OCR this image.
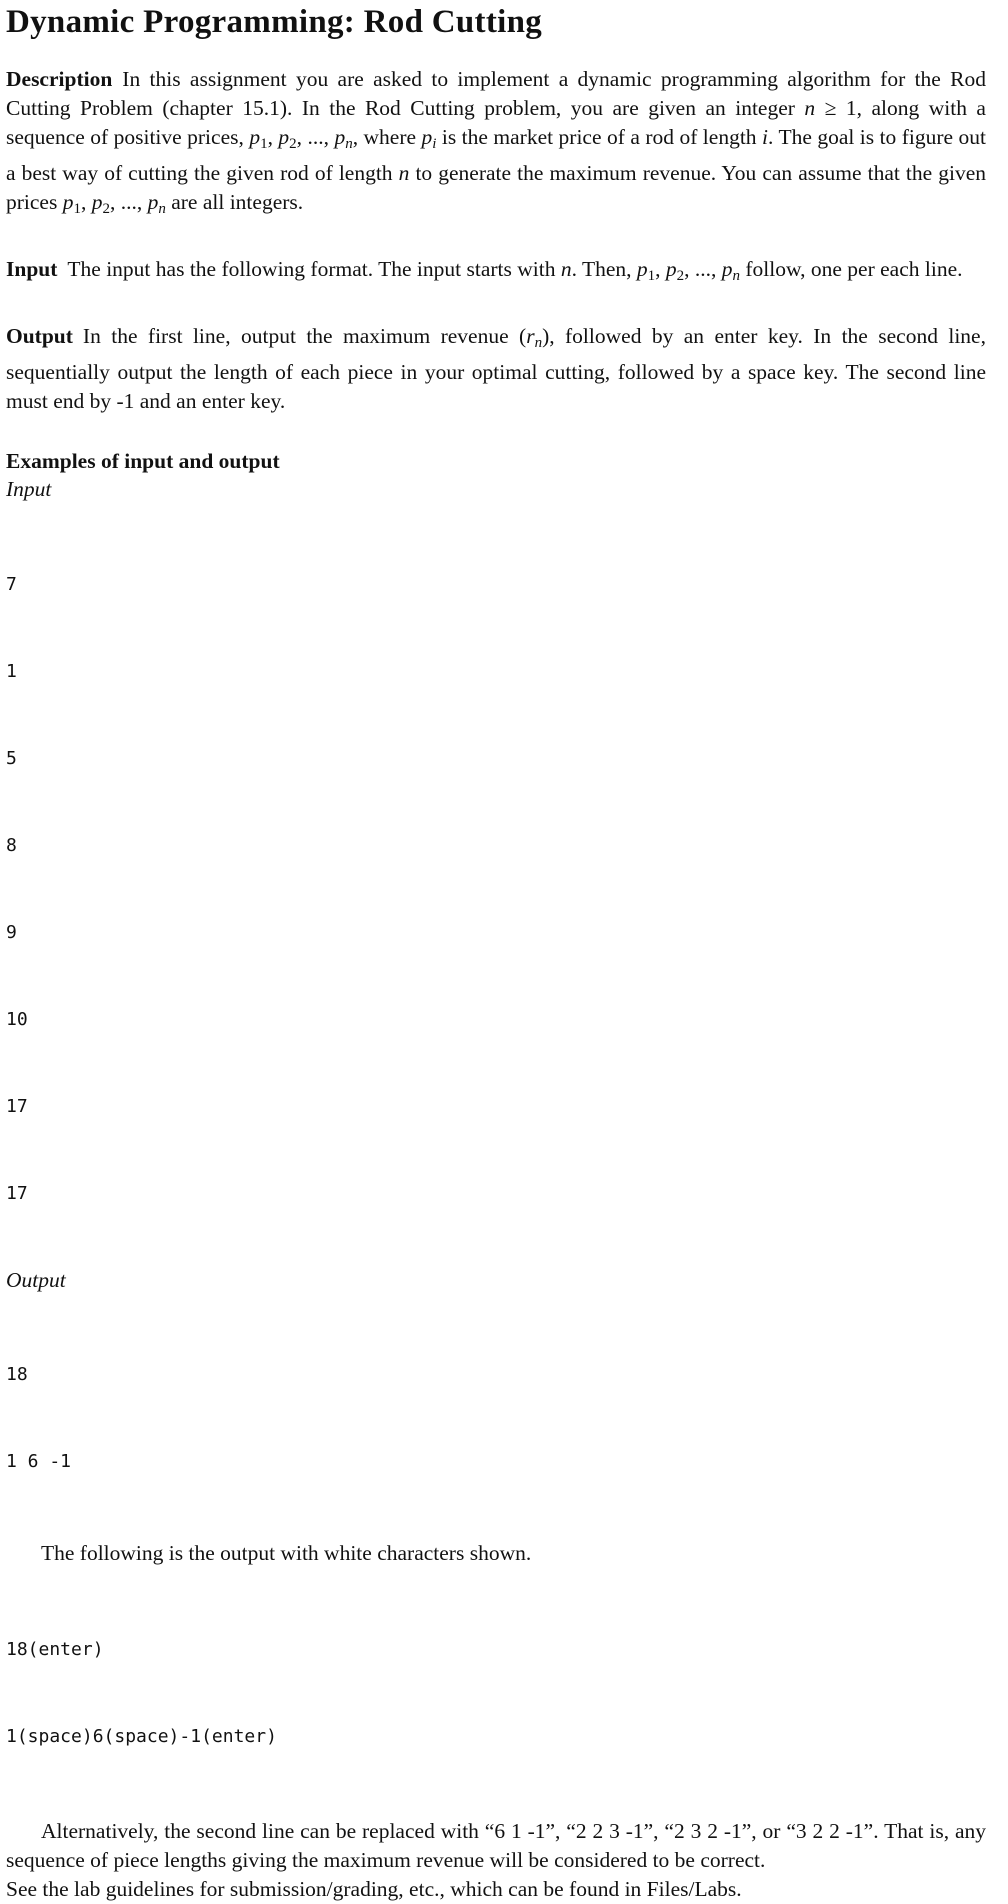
Dynamic Programming: Rod Cutting

Description In this assignment you are asked to implement a dynamic programming algorithm for the Rod Cutting Problem (chapter 15.1). In the Rod Cutting problem, you are given an integer n ≥ 1, along with a sequence of positive prices, $p_1$, $p_2$, ..., pn, where pi is the market price of a rod of length i. The goal is to figure out a best way of cutting the given rod of length n to generate the maximum revenue. You can assume that the given prices $p_1$, $p_2$, ..., pn are all integers.

Input The input has the following format. The input starts with n. Then, $p_1$, $p_2$, ..., pn follow, one per each line.

Output In the first line, output the maximum revenue (rn), followed by an enter key. In the second line, sequentially output the length of each piece in your optimal cutting, followed by a space key. The second line must end by -1 and an enter key.

Examples of input and output
Input

7

1

5

8

9

10

17

17

Output

18

1 6 -1

The following is the output with white characters shown.

18(enter)

1(space)6(space)-1(enter)

Alternatively, the second line can be replaced with “6 1 -1”, “2 2 3 -1”, “2 3 2 -1”, or “3 2 2 -1”. That is, any sequence of piece lengths giving the maximum revenue will be considered to be correct.

See the lab guidelines for submission/grading, etc., which can be found in Files/Labs.
